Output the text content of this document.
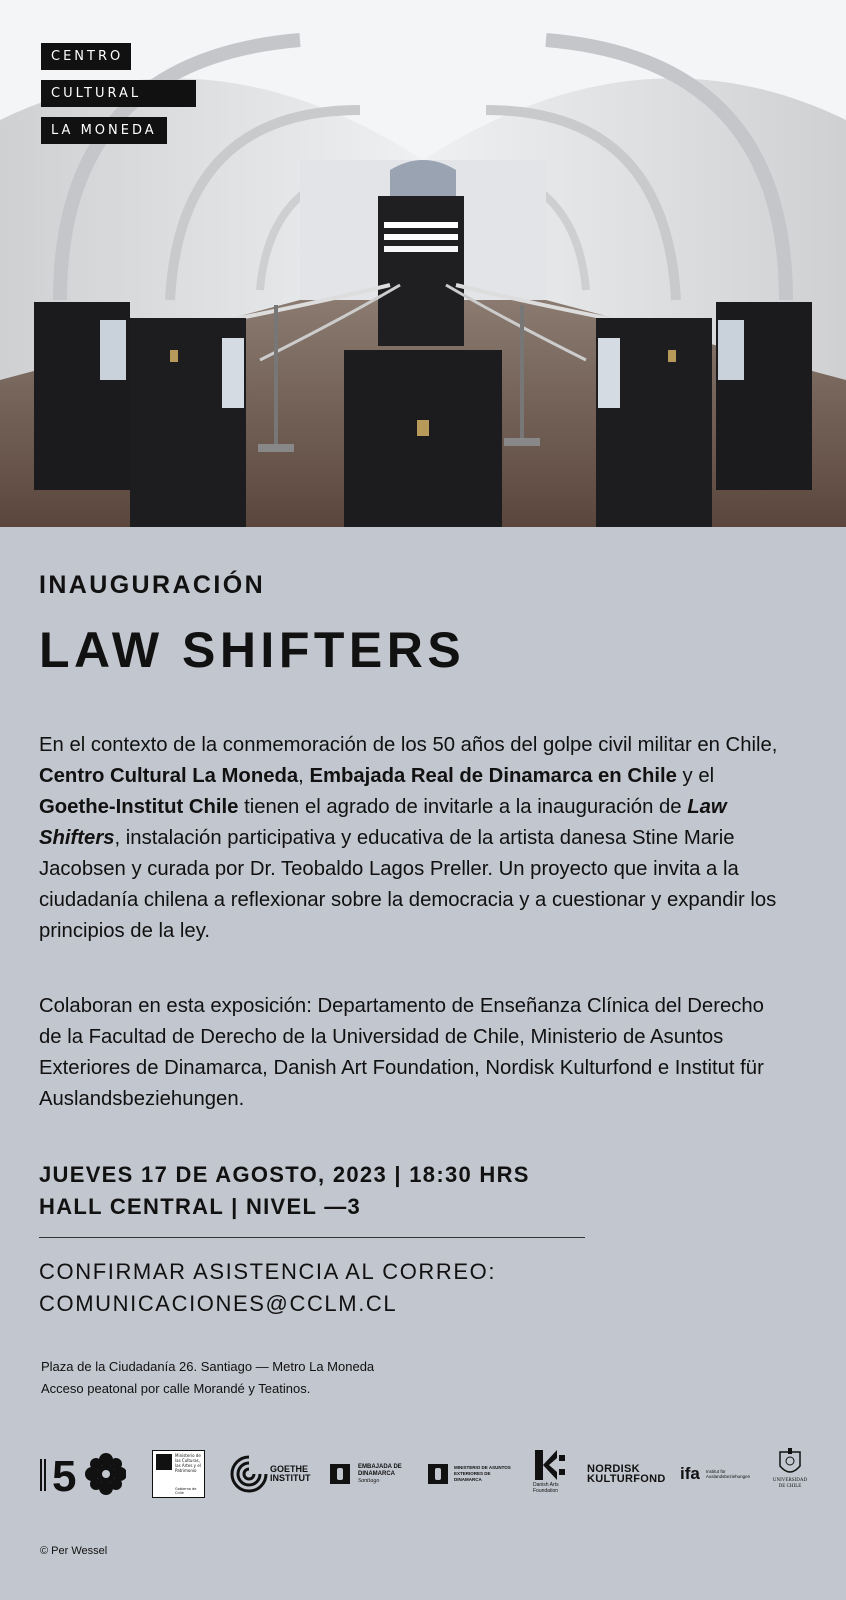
CENTRO
CULTURAL
LA MONEDA
INAUGURACIÓN
LAW SHIFTERS
En el contexto de la conmemoración de los 50 años del golpe civil militar en Chile, Centro Cultural La Moneda, Embajada Real de Dinamarca en Chile y el Goethe-Institut Chile tienen el agrado de invitarle a la inauguración de Law Shifters, instalación participativa y educativa de la artista danesa Stine Marie Jacobsen y curada por Dr. Teobaldo Lagos Preller. Un proyecto que invita a la ciudadanía chilena a reflexionar sobre la democracia y a cuestionar y expandir los principios de la ley.
Colaboran en esta exposición: Departamento de Enseñanza Clínica del Derecho de la Facultad de Derecho de la Universidad de Chile, Ministerio de Asuntos Exteriores de Dinamarca, Danish Art Foundation, Nordisk Kulturfond e Institut für Auslandsbeziehungen.
JUEVES 17 DE AGOSTO, 2023 | 18:30 HRS
HALL CENTRAL | NIVEL —3
CONFIRMAR ASISTENCIA AL CORREO:
COMUNICACIONES@CCLM.CL
Plaza de la Ciudadanía 26. Santiago — Metro La Moneda
Acceso peatonal por calle Morandé y Teatinos.
5	Ministerio de las Culturas, las Artes y el Patrimonio
Gobierno de Chile
GOETHE INSTITUT
EMBAJADA DE DINAMARCA
Santiago
MINISTERIO DE ASUNTOS EXTERIORES DE DINAMARCA
Danish Arts Foundation
NORDISK KULTURFOND ifa Institut für Auslandsbeziehungen
UNIVERSIDAD DE CHILE
© Per Wessel
